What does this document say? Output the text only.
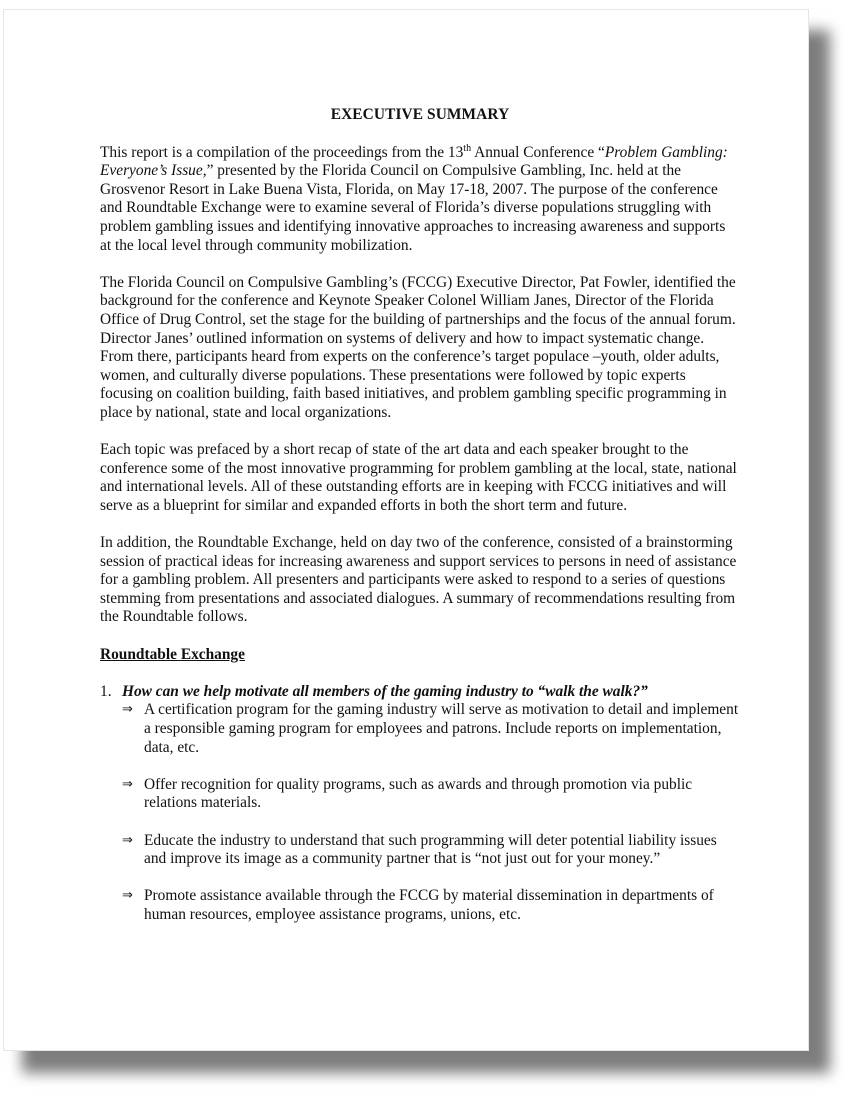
EXECUTIVE SUMMARY

This report is a compilation of the proceedings from the 13th Annual Conference “Problem Gambling: Everyone’s Issue,” presented by the Florida Council on Compulsive Gambling, Inc. held at the Grosvenor Resort in Lake Buena Vista, Florida, on May 17-18, 2007. The purpose of the conference and Roundtable Exchange were to examine several of Florida’s diverse populations struggling with problem gambling issues and identifying innovative approaches to increasing awareness and supports at the local level through community mobilization.

The Florida Council on Compulsive Gambling’s (FCCG) Executive Director, Pat Fowler, identified the background for the conference and Keynote Speaker Colonel William Janes, Director of the Florida Office of Drug Control, set the stage for the building of partnerships and the focus of the annual forum. Director Janes’ outlined information on systems of delivery and how to impact systematic change. From there, participants heard from experts on the conference’s target populace –youth, older adults, women, and culturally diverse populations. These presentations were followed by topic experts focusing on coalition building, faith based initiatives, and problem gambling specific programming in place by national, state and local organizations.

Each topic was prefaced by a short recap of state of the art data and each speaker brought to the conference some of the most innovative programming for problem gambling at the local, state, national and international levels. All of these outstanding efforts are in keeping with FCCG initiatives and will serve as a blueprint for similar and expanded efforts in both the short term and future.

In addition, the Roundtable Exchange, held on day two of the conference, consisted of a brainstorming session of practical ideas for increasing awareness and support services to persons in need of assistance for a gambling problem. All presenters and participants were asked to respond to a series of questions stemming from presentations and associated dialogues. A summary of recommendations resulting from the Roundtable follows.

Roundtable Exchange
1. How can we help motivate all members of the gaming industry to “walk the walk?”
⇒ A certification program for the gaming industry will serve as motivation to detail and implement a responsible gaming program for employees and patrons. Include reports on implementation, data, etc.
⇒ Offer recognition for quality programs, such as awards and through promotion via public relations materials.
⇒ Educate the industry to understand that such programming will deter potential liability issues and improve its image as a community partner that is “not just out for your money.”
⇒ Promote assistance available through the FCCG by material dissemination in departments of human resources, employee assistance programs, unions, etc.
